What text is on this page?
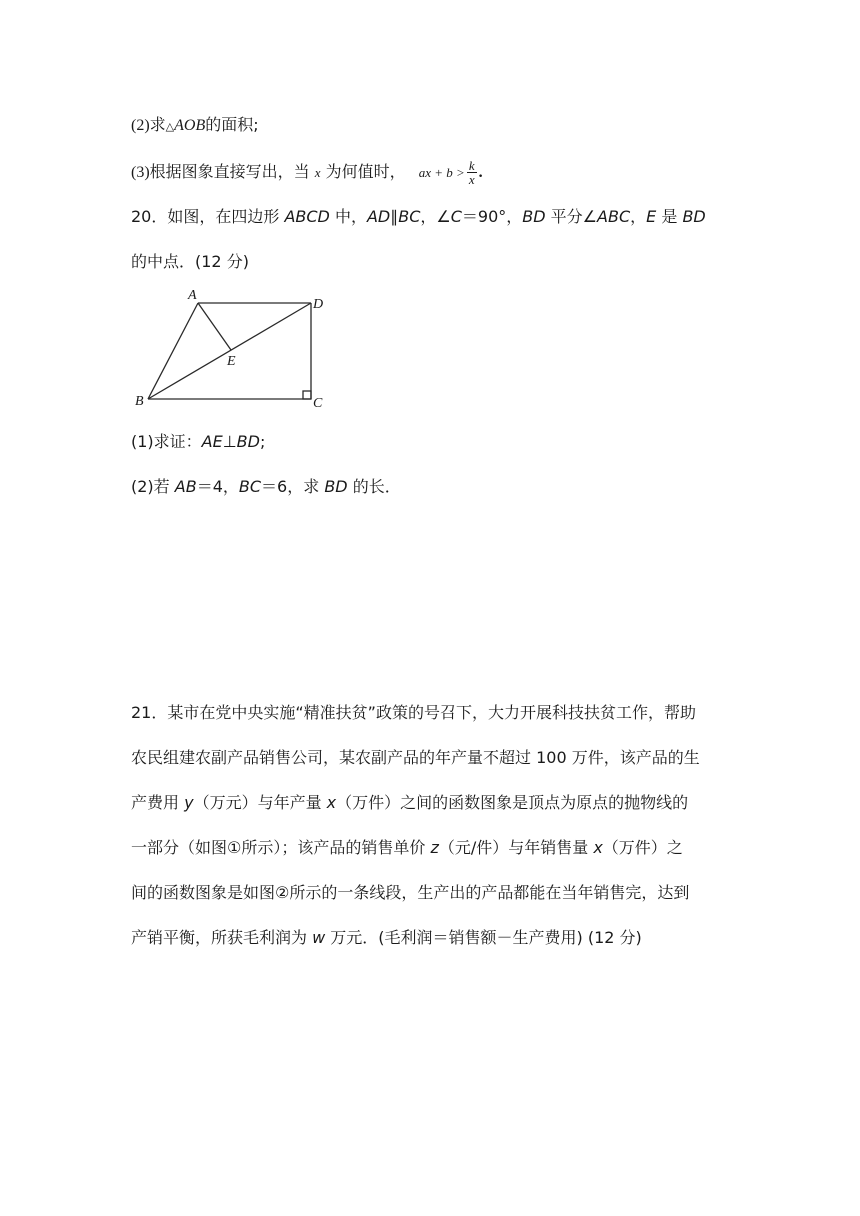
(2)求△AOB的面积;

(3)根据图象直接写出，当 x 为何值时， ax + $b > \frac{k}{x}$ .

20．如图，在四边形 ABCD 中，AD∥BC，∠C＝90°，BD 平分∠ABC，E 是 BD

的中点．(12 分)

A
D
E
B	C

(1)求证：AE⊥BD;

(2)若 AB＝4，BC＝6，求 BD 的长．

21．某市在党中央实施“精准扶贫”政策的号召下，大力开展科技扶贫工作，帮助

农民组建农副产品销售公司，某农副产品的年产量不超过 100 万件，该产品的生

产费用 y（万元）与年产量 x（万件）之间的函数图象是顶点为原点的抛物线的

一部分（如图①所示）；该产品的销售单价 z（元/件）与年销售量 x（万件）之

间的函数图象是如图②所示的一条线段，生产出的产品都能在当年销售完，达到

产销平衡，所获毛利润为 w 万元．(毛利润＝销售额－生产费用) (12 分)
